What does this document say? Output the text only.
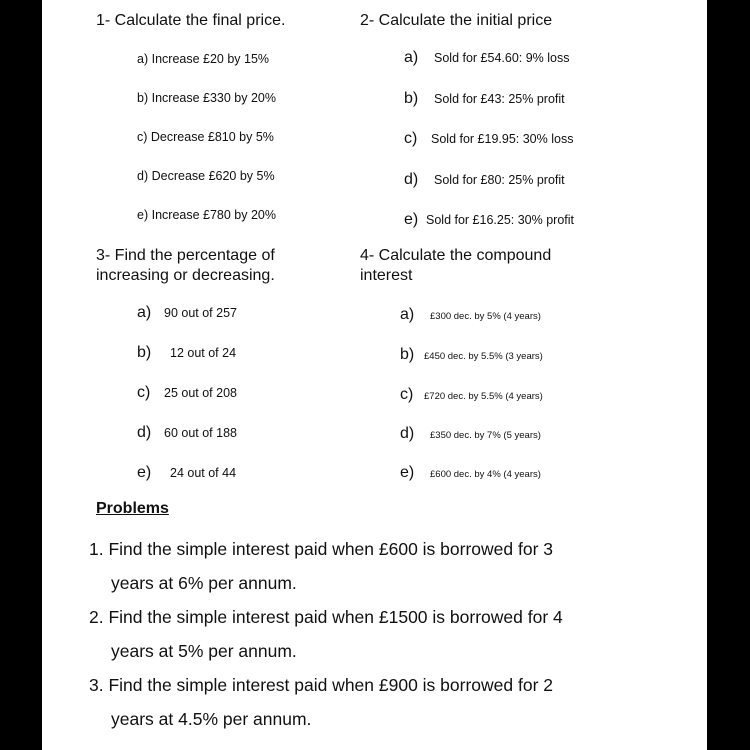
1- Calculate the final price.
a) Increase £20 by 15%
b) Increase £330 by 20%
c) Decrease £810 by 5%
d) Decrease £620 by 5%
e) Increase £780 by 20%
2- Calculate the initial price
a) Sold for £54.60: 9% loss
b) Sold for £43: 25% profit
c) Sold for £19.95: 30% loss
d) Sold for £80: 25% profit
e) Sold for £16.25: 30% profit
3- Find the percentage of
increasing or decreasing.
a) 90 out of 257
b) 12 out of 24
c) 25 out of 208
d) 60 out of 188
e) 24 out of 44
4- Calculate the compound
interest
a) £300 dec. by 5% (4 years)
b) £450 dec. by 5.5% (3 years)
c) £720 dec. by 5.5% (4 years)
d) £350 dec. by 7% (5 years)
e) £600 dec. by 4% (4 years)
Problems
1. Find the simple interest paid when £600 is borrowed for 3
years at 6% per annum.
2. Find the simple interest paid when £1500 is borrowed for 4
years at 5% per annum.
3. Find the simple interest paid when £900 is borrowed for 2
years at 4.5% per annum.
